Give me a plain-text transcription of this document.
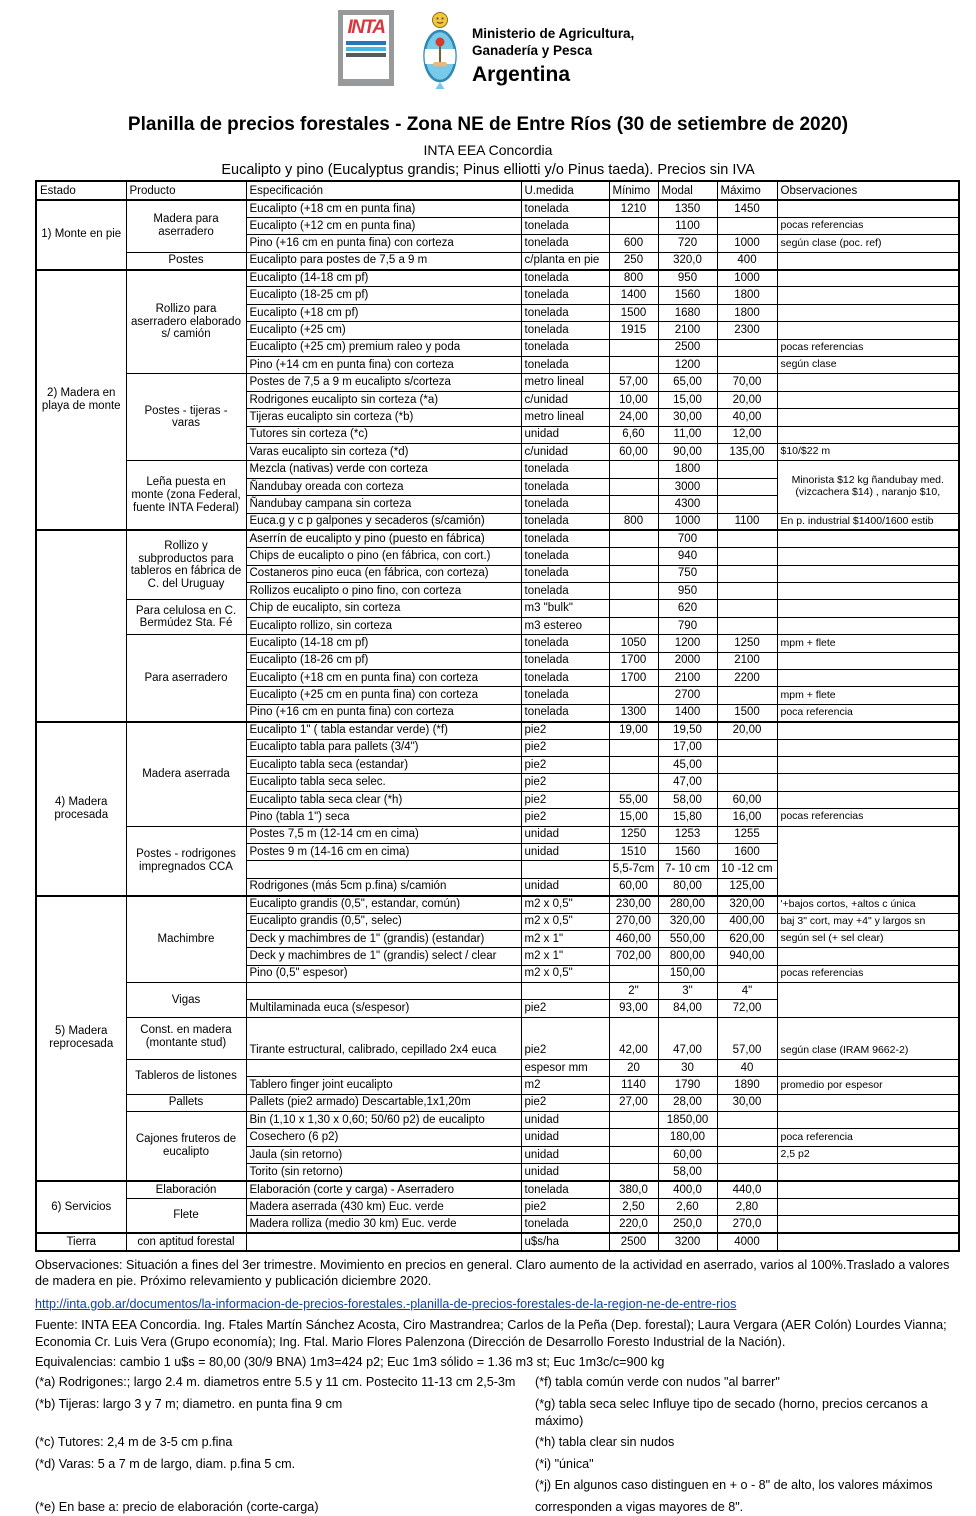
INTA	Ministerio de Agricultura,
Ganadería y Pesca
Argentina
Planilla de precios forestales - Zona NE de Entre Ríos (30 de setiembre de 2020)
INTA EEA Concordia
Eucalipto y pino (Eucalyptus grandis; Pinus elliotti y/o Pinus taeda). Precios sin IVA
Estado	Producto	Especificación	U.medida	Mínimo	Modal	Máximo	Observaciones
1) Monte en pie	Madera para aserradero	Eucalipto (+18 cm en punta fina)	tonelada	1210	1350	1450	
		Eucalipto (+12 cm en punta fina)	tonelada		1100		pocas referencias
		Pino (+16 cm en punta fina) con corteza	tonelada	600	720	1000	según clase (poc. ref)
	Postes	Eucalipto para postes de 7,5 a 9 m	c/planta en pie	250	320,0	400	
2) Madera en playa de monte	Rollizo para aserradero elaborado s/ camión	Eucalipto (14-18 cm pf)	tonelada	800	950	1000	
		Eucalipto (18-25 cm pf)	tonelada	1400	1560	1800	
		Eucalipto (+18 cm pf)	tonelada	1500	1680	1800	
		Eucalipto (+25 cm)	tonelada	1915	2100	2300	
		Eucalipto (+25 cm) premium raleo y poda	tonelada		2500		pocas referencias
		Pino (+14 cm en punta fina) con corteza	tonelada		1200		según clase
	Postes - tijeras - varas	Postes de 7,5 a 9 m eucalipto s/corteza	metro lineal	57,00	65,00	70,00	
		Rodrigones eucalipto sin corteza (*a)	c/unidad	10,00	15,00	20,00	
		Tijeras eucalipto sin corteza (*b)	metro lineal	24,00	30,00	40,00	
		Tutores sin corteza (*c)	unidad	6,60	11,00	12,00	
		Varas eucalipto sin corteza (*d)	c/unidad	60,00	90,00	135,00	$10/$22 m
	Leña puesta en monte (zona Federal, fuente INTA Federal)	Mezcla (nativas) verde con corteza	tonelada		1800		Minorista $12 kg ñandubay med. (vizcachera $14) , naranjo $10,
		Ñandubay oreada con corteza	tonelada		3000		
		Ñandubay campana sin corteza	tonelada		4300		
		Euca.g y c p galpones y secaderos (s/camión)	tonelada	800	1000	1100	En p. industrial $1400/1600 estib
	Rollizo y subproductos para tableros en fábrica de C. del Uruguay	Aserrín de eucalipto y pino (puesto en fábrica)	tonelada		700		
		Chips de eucalipto o pino (en fábrica, con cort.)	tonelada		940		
		Costaneros pino euca (en fábrica, con corteza)	tonelada		750		
		Rollizos eucalipto o pino fino, con corteza	tonelada		950		
	Para celulosa en C. Bermúdez Sta. Fé	Chip de eucalipto, sin corteza	m3 "bulk"		620		
		Eucalipto rollizo, sin corteza	m3 estereo		790		
	Para aserradero	Eucalipto (14-18 cm pf)	tonelada	1050	1200	1250	mpm + flete
		Eucalipto (18-26 cm pf)	tonelada	1700	2000	2100	
		Eucalipto (+18 cm en punta fina) con corteza	tonelada	1700	2100	2200	
		Eucalipto (+25 cm en punta fina) con corteza	tonelada		2700		mpm + flete
		Pino (+16 cm en punta fina) con corteza	tonelada	1300	1400	1500	poca referencia
4) Madera procesada	Madera aserrada	Eucalipto 1" ( tabla estandar verde) (*f)	pie2	19,00	19,50	20,00	
		Eucalipto tabla para pallets (3/4")	pie2		17,00		
		Eucalipto tabla seca (estandar)	pie2		45,00		
		Eucalipto tabla seca selec.	pie2		47,00		
		Eucalipto tabla seca clear (*h)	pie2	55,00	58,00	60,00	
		Pino (tabla 1") seca	pie2	15,00	15,80	16,00	pocas referencias
	Postes - rodrigones impregnados CCA	Postes 7,5 m (12-14 cm en cima)	unidad	1250	1253	1255	
		Postes 9 m (14-16 cm en cima)	unidad	1510	1560	1600	
				5,5-7cm	7- 10 cm	10 -12 cm	
		Rodrigones (más 5cm p.fina) s/camión	unidad	60,00	80,00	125,00	
5) Madera reprocesada	Machimbre	Eucalipto grandis (0,5", estandar, común)	m2 x 0,5"	230,00	280,00	320,00	'+bajos cortos, +altos c única
		Eucalipto grandis (0,5", selec)	m2 x 0,5"	270,00	320,00	400,00	baj 3" cort, may +4" y largos sn
		Deck y machimbres de 1" (grandis) (estandar)	m2 x 1"	460,00	550,00	620,00	según sel (+ sel clear)
		Deck y machimbres de 1" (grandis) select / clear	m2 x 1"	702,00	800,00	940,00	
		Pino (0,5" espesor)	m2 x 0,5"		150,00		pocas referencias
	Vigas			2"	3"	4"	
		Multilaminada euca (s/espesor)	pie2	93,00	84,00	72,00	
	Const. en madera (montante stud)	Tirante estructural, calibrado, cepillado 2x4 euca	pie2	42,00	47,00	57,00	según clase (IRAM 9662-2)
	Tableros de listones		espesor mm	20	30	40	
		Tablero finger joint eucalipto	m2	1140	1790	1890	promedio por espesor
	Pallets	Pallets (pie2 armado) Descartable,1x1,20m	pie2	27,00	28,00	30,00	
	Cajones fruteros de eucalipto	Bin (1,10 x 1,30 x 0,60; 50/60 p2) de eucalipto	unidad		1850,00		
		Cosechero (6 p2)	unidad		180,00		poca referencia
		Jaula (sin retorno)	unidad		60,00		2,5 p2
		Torito (sin retorno)	unidad		58,00		
6) Servicios	Elaboración	Elaboración (corte y carga) - Aserradero	tonelada	380,0	400,0	440,0	
	Flete	Madera aserrada (430 km) Euc. verde	pie2	2,50	2,60	2,80	
		Madera rolliza (medio 30 km) Euc. verde	tonelada	220,0	250,0	270,0	
Tierra	con aptitud forestal		u$s/ha	2500	3200	4000	
Observaciones: Situación a fines del 3er trimestre. Movimiento en precios en general. Claro aumento de la actividad en aserrado, varios al 100%.Traslado a valores de madera en pie. Próximo relevamiento y publicación diciembre 2020.
http://inta.gob.ar/documentos/la-informacion-de-precios-forestales.-planilla-de-precios-forestales-de-la-region-ne-de-entre-rios
Fuente: INTA EEA Concordia. Ing. Ftales Martín Sánchez Acosta, Ciro Mastrandrea; Carlos de la Peña (Dep. forestal); Laura Vergara (AER Colón) Lourdes Vianna; Economia Cr. Luis Vera (Grupo economía); Ing. Ftal. Mario Flores Palenzona (Dirección de Desarrollo Foresto Industrial de la Nación).
Equivalencias: cambio 1 u$s = 80,00 (30/9 BNA) 1m3=424 p2; Euc 1m3 sólido = 1.36 m3 st; Euc 1m3c/c=900 kg
(*a) Rodrigones:; largo 2.4 m. diametros entre 5.5 y 11 cm. Postecito 11-13 cm 2,5-3m	(*f) tabla común verde con nudos "al barrer"
(*b) Tijeras: largo 3 y 7 m; diametro. en punta fina 9 cm	(*g) tabla seca selec Influye tipo de secado (horno, precios cercanos a máximo)
(*c) Tutores: 2,4 m de 3-5 cm p.fina	(*h) tabla clear sin nudos
(*d) Varas: 5 a 7 m de largo, diam. p.fina 5 cm.	(*i) "única"
(*j) En algunos caso distinguen en + o - 8" de alto, los valores máximos
(*e) En base a: precio de elaboración (corte-carga)	corresponden a vigas mayores de 8".
